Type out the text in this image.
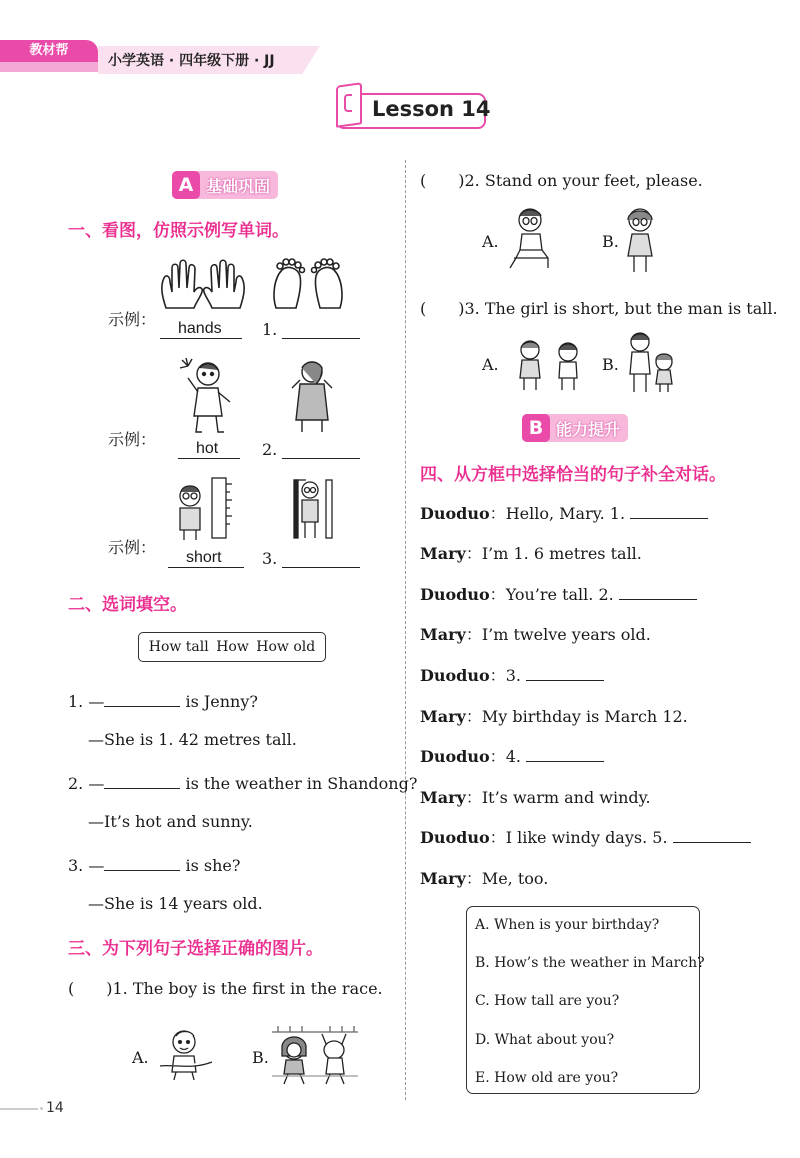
教材帮
小学英语 · 四年级下册 · JJ
Lesson 14
A 基础巩固
一、看图，仿照示例写单词。
示例： hands	1.
示例： hot	2.
示例：
short	3.
二、选词填空。
How tall How How old
1. —	is Jenny?
—She is 1. 42 metres tall.
2. —	is the weather in Shandong?
—It’s hot and sunny.
3. —	is she?
—She is 14 years old.
三、为下列句子选择正确的图片。
(　　)1. The boy is the first in the race.
A.	B.
(　　)2. Stand on your feet, please.
A.	B.
(　　)3. The girl is short, but the man is tall.
A.	B.
B 能力提升
四、从方框中选择恰当的句子补全对话。
Duoduo：Hello, Mary. 1.
Mary：I’m 1. 6 metres tall.
Duoduo：You’re tall. 2.
Mary：I’m twelve years old.
Duoduo：3.
Mary：My birthday is March 12.
Duoduo：4.
Mary：It’s warm and windy.
Duoduo：I like windy days. 5.
Mary：Me, too.
A. When is your birthday?
B. How’s the weather in March?
C. How tall are you?
D. What about you?
E. How old are you?
14
